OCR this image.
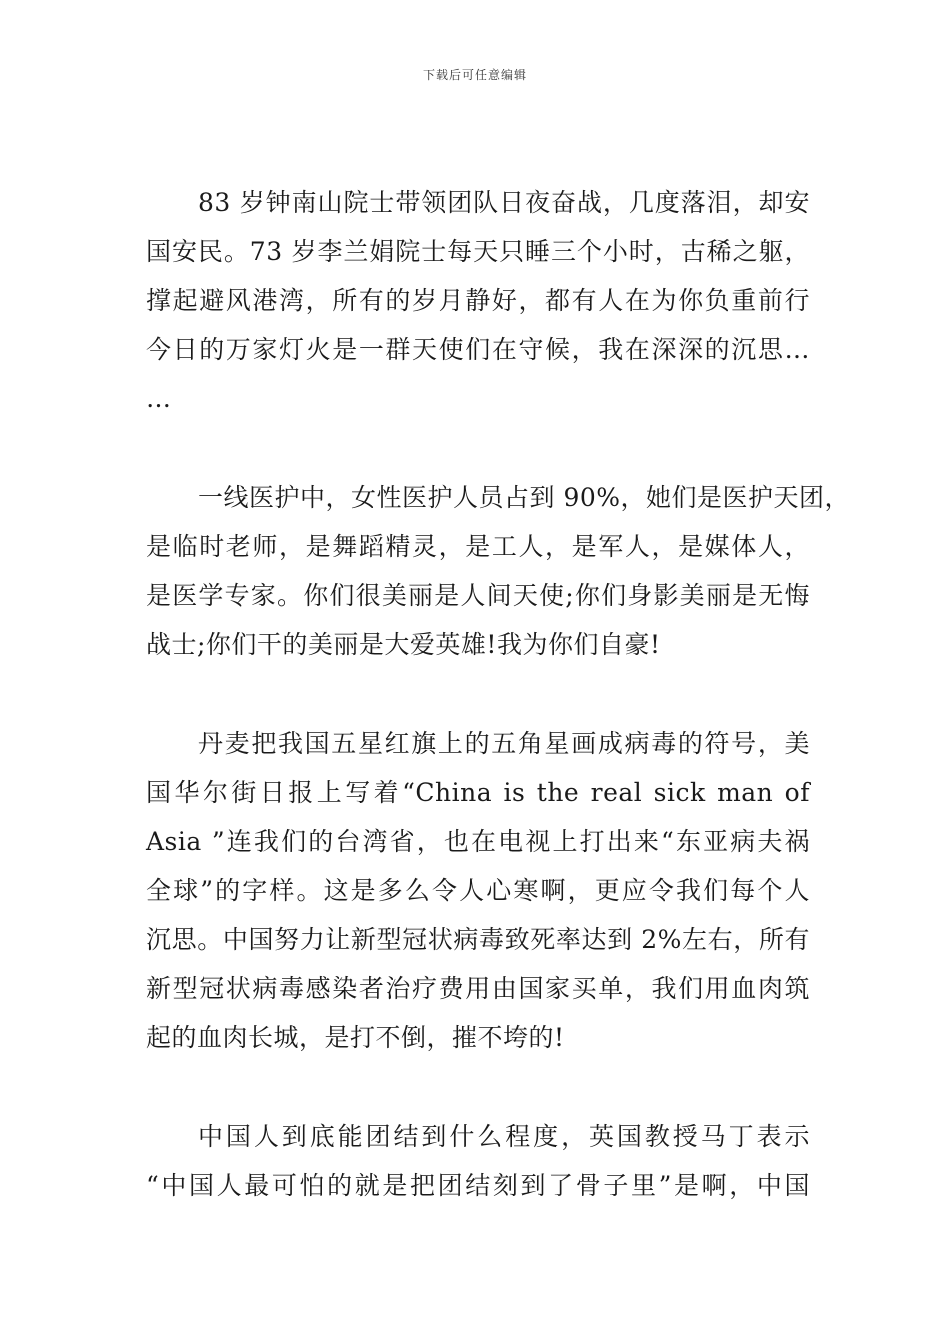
下载后可任意编辑
83 岁钟南山院士带领团队日夜奋战，几度落泪，却安
国安民。73 岁李兰娟院士每天只睡三个小时，古稀之躯，
撑起避风港湾，所有的岁月静好，都有人在为你负重前行
今日的万家灯火是一群天使们在守候，我在深深的沉思…
…
一线医护中，女性医护人员占到 90%，她们是医护天团，
是临时老师，是舞蹈精灵，是工人，是军人，是媒体人，
是医学专家。你们很美丽是人间天使;你们身影美丽是无悔
战士;你们干的美丽是大爱英雄!我为你们自豪!
丹麦把我国五星红旗上的五角星画成病毒的符号，美
国华尔街日报上写着“China is the real sick man of
Asia ”连我们的台湾省，也在电视上打出来“东亚病夫祸
全球”的字样。这是多么令人心寒啊，更应令我们每个人
沉思。中国努力让新型冠状病毒致死率达到 2%左右，所有
新型冠状病毒感染者治疗费用由国家买单，我们用血肉筑
起的血肉长城，是打不倒，摧不垮的!
中国人到底能团结到什么程度，英国教授马丁表示
“中国人最可怕的就是把团结刻到了骨子里”是啊，中国
